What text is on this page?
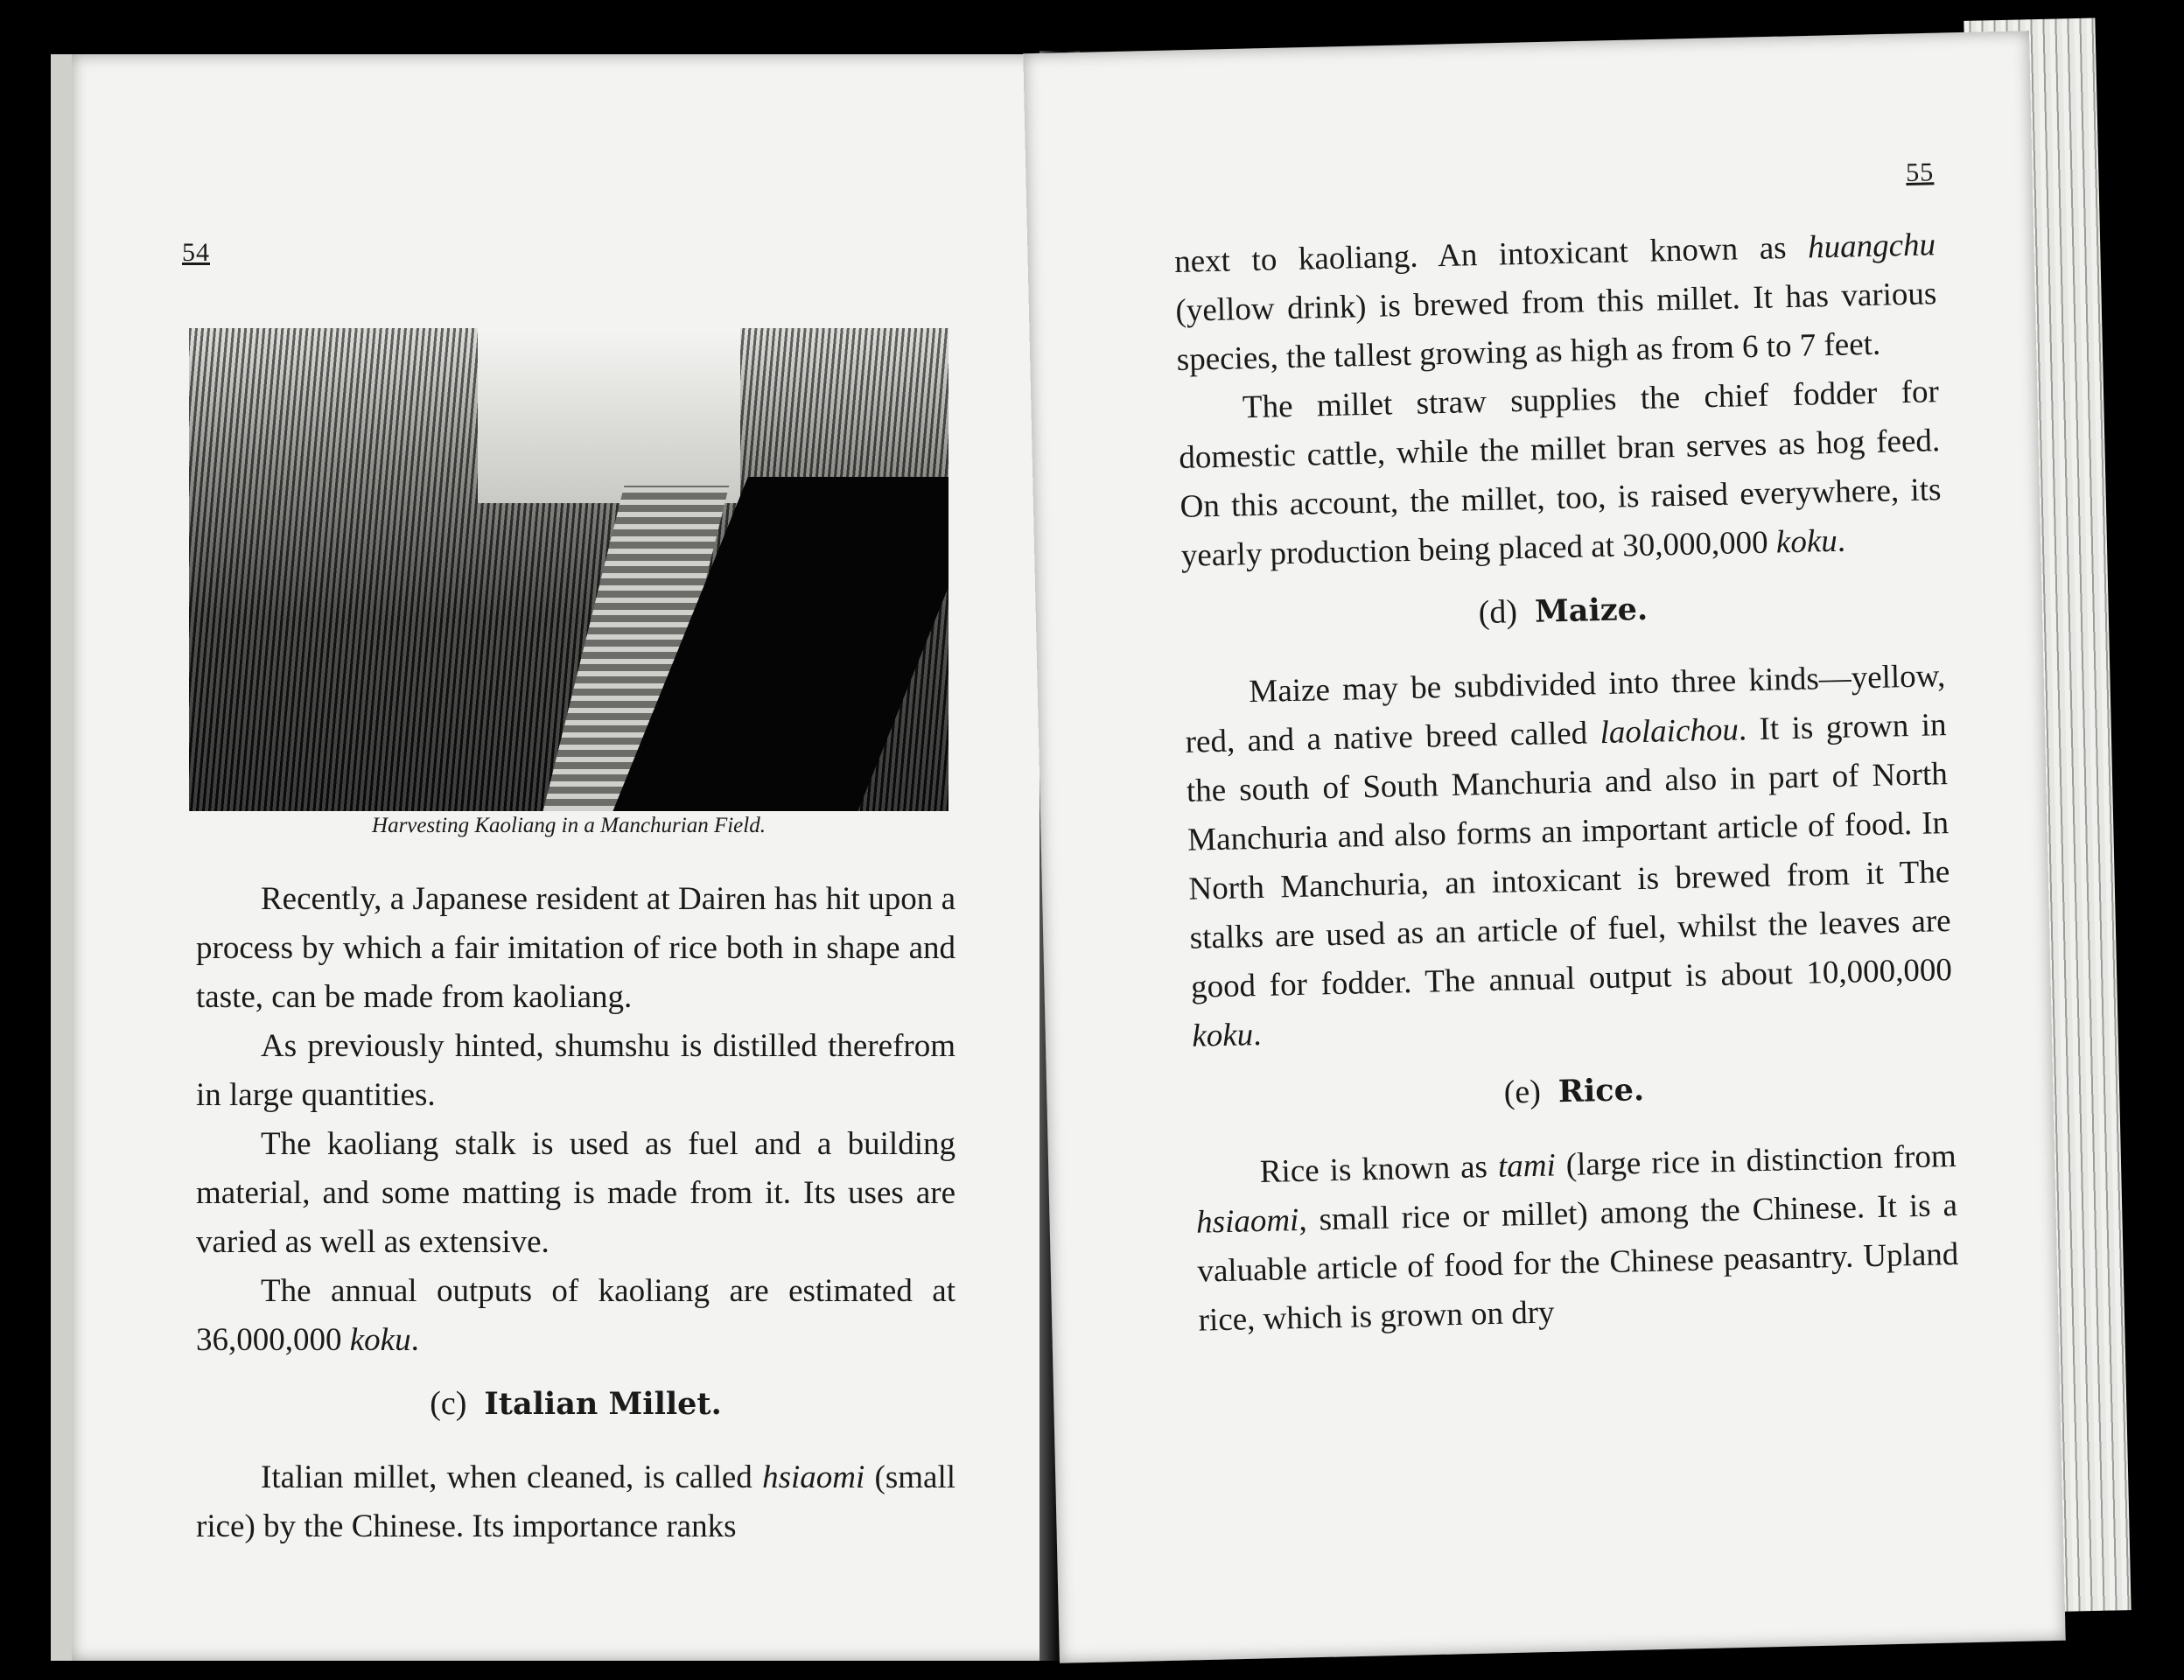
54
Harvesting Kaoliang in a Manchurian Field.

Recently, a Japanese resident at Dairen has hit upon a process by which a fair imitation of rice both in shape and taste, can be made from kaoliang.

As previously hinted, shumshu is distilled therefrom in large quantities.

The kaoliang stalk is used as fuel and a building material, and some matting is made from it. Its uses are varied as well as extensive.

The annual outputs of kaoliang are estimated at 36,000,000 koku.

(c) Italian Millet.

Italian millet, when cleaned, is called hsiaomi (small rice) by the Chinese. Its importance ranks

55

next to kaoliang. An intoxicant known as huangchu (yellow drink) is brewed from this millet. It has various species, the tallest growing as high as from 6 to 7 feet.

The millet straw supplies the chief fodder for domestic cattle, while the millet bran serves as hog feed. On this account, the millet, too, is raised everywhere, its yearly production being placed at 30,000,000 koku.

(d) Maize.

Maize may be subdivided into three kinds—yellow, red, and a native breed called laolaichou. It is grown in the south of South Manchuria and also in part of North Manchuria and also forms an important article of food. In North Manchuria, an intoxicant is brewed from it The stalks are used as an article of fuel, whilst the leaves are good for fodder. The annual output is about 10,000,000 koku.

(e) Rice.

Rice is known as tami (large rice in distinction from hsiaomi, small rice or millet) among the Chinese. It is a valuable article of food for the Chinese peasantry. Upland rice, which is grown on dry
